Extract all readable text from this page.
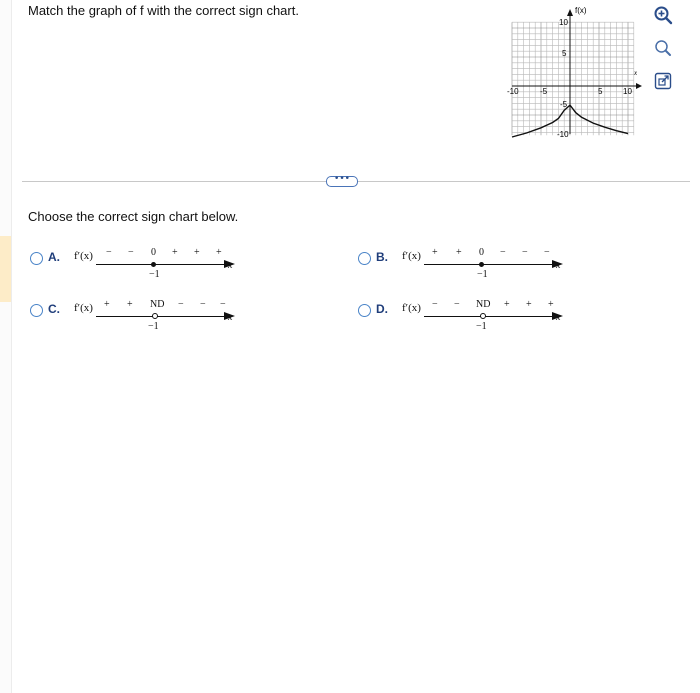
Match the graph of f with the correct sign chart.	f(x)
x
-10	-5	5	10
10
5
-5
-10
•••
Choose the correct sign chart below.
A. f′(x) − − 0 + + +
x
−1
B. f′(x) + + 0 − − −
x
−1
C. f′(x) + + ND − − −
x
−1
D. f′(x) − − ND + + +
x
−1
